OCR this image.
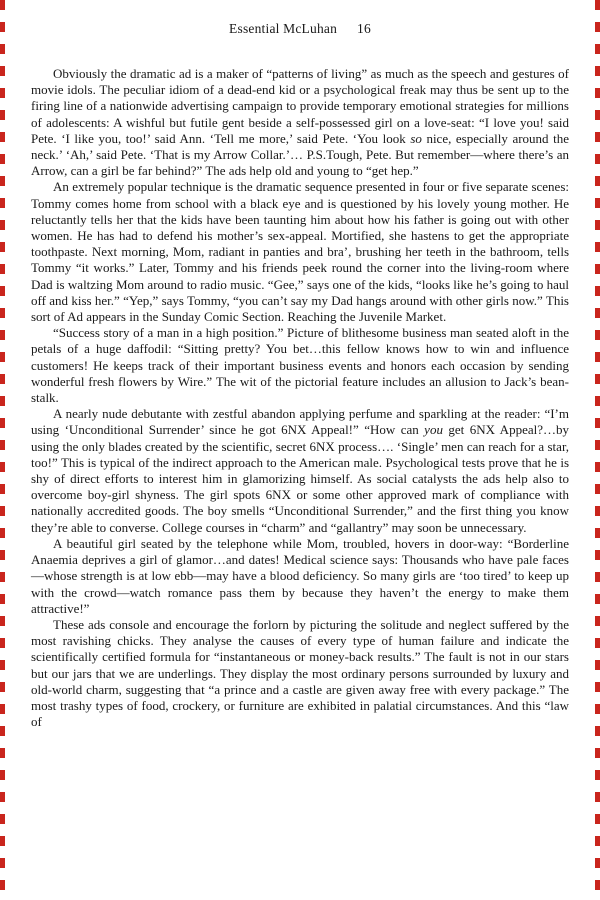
Essential McLuhan 16

Obviously the dramatic ad is a maker of “patterns of living” as much as the speech and gestures of movie idols. The peculiar idiom of a dead-end kid or a psychological freak may thus be sent up to the firing line of a nationwide advertising campaign to provide temporary emotional strategies for millions of adolescents: A wishful but futile gent beside a self-possessed girl on a love-seat: “I love you! said Pete. ‘I like you, too!’ said Ann. ‘Tell me more,’ said Pete. ‘You look so nice, especially around the neck.’ ‘Ah,’ said Pete. ‘That is my Arrow Collar.’… P.S.Tough, Pete. But remember—where there’s an Arrow, can a girl be far behind?” The ads help old and young to “get hep.”

An extremely popular technique is the dramatic sequence presented in four or five separate scenes: Tommy comes home from school with a black eye and is questioned by his lovely young mother. He reluctantly tells her that the kids have been taunting him about how his father is going out with other women. He has had to defend his mother’s sex-appeal. Mortified, she hastens to get the appropriate toothpaste. Next morning, Mom, radiant in panties and bra’, brushing her teeth in the bathroom, tells Tommy “it works.” Later, Tommy and his friends peek round the corner into the living-room where Dad is waltzing Mom around to radio music. “Gee,” says one of the kids, “looks like he’s going to haul off and kiss her.” “Yep,” says Tommy, “you can’t say my Dad hangs around with other girls now.” This sort of Ad appears in the Sunday Comic Section. Reaching the Juvenile Market.

“Success story of a man in a high position.” Picture of blithesome business man seated aloft in the petals of a huge daffodil: “Sitting pretty? You bet…this fellow knows how to win and influence customers! He keeps track of their important business events and honors each occasion by sending wonderful fresh flowers by Wire.” The wit of the pictorial feature includes an allusion to Jack’s bean-stalk.

A nearly nude debutante with zestful abandon applying perfume and sparkling at the reader: “I’m using ‘Unconditional Surrender’ since he got 6NX Appeal!” “How can you get 6NX Appeal?…by using the only blades created by the scientific, secret 6NX process…. ‘Single’ men can reach for a star, too!” This is typical of the indirect approach to the American male. Psychological tests prove that he is shy of direct efforts to interest him in glamorizing himself. As social catalysts the ads help also to overcome boy-girl shyness. The girl spots 6NX or some other approved mark of compliance with nationally accredited goods. The boy smells “Unconditional Surrender,” and the first thing you know they’re able to converse. College courses in “charm” and “gallantry” may soon be unnecessary.

A beautiful girl seated by the telephone while Mom, troubled, hovers in door-way: “Borderline Anaemia deprives a girl of glamor…and dates! Medical science says: Thousands who have pale faces—whose strength is at low ebb—may have a blood deficiency. So many girls are ‘too tired’ to keep up with the crowd—watch romance pass them by because they haven’t the energy to make them attractive!”

These ads console and encourage the forlorn by picturing the solitude and neglect suffered by the most ravishing chicks. They analyse the causes of every type of human failure and indicate the scientifically certified formula for “instantaneous or money-back results.” The fault is not in our stars but our jars that we are underlings. They display the most ordinary persons surrounded by luxury and old-world charm, suggesting that “a prince and a castle are given away free with every package.” The most trashy types of food, crockery, or furniture are exhibited in palatial circumstances. And this “law of
